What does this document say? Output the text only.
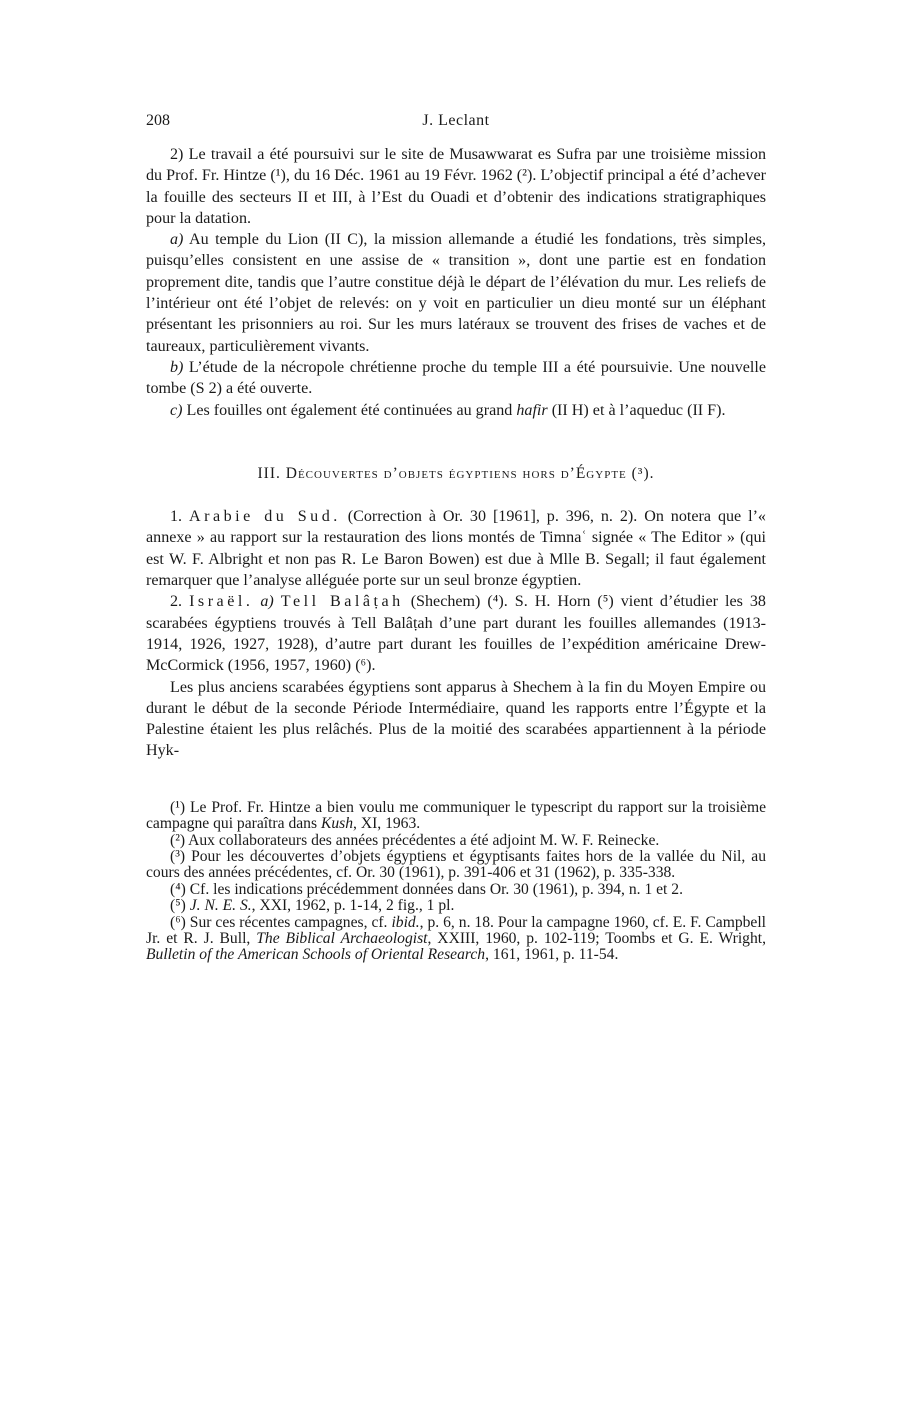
208	J. Leclant

2) Le travail a été poursuivi sur le site de Musawwarat es Sufra par une troisième mission du Prof. Fr. Hintze (¹), du 16 Déc. 1961 au 19 Févr. 1962 (²). L’objectif principal a été d’achever la fouille des secteurs II et III, à l’Est du Ouadi et d’obtenir des indications stratigraphiques pour la datation.

a) Au temple du Lion (II C), la mission allemande a étudié les fondations, très simples, puisqu’elles consistent en une assise de « transition », dont une partie est en fondation proprement dite, tandis que l’autre constitue déjà le départ de l’élévation du mur. Les reliefs de l’intérieur ont été l’objet de relevés: on y voit en particulier un dieu monté sur un éléphant présentant les prisonniers au roi. Sur les murs latéraux se trouvent des frises de vaches et de taureaux, particulièrement vivants.

b) L’étude de la nécropole chrétienne proche du temple III a été poursuivie. Une nouvelle tombe (S 2) a été ouverte.

c) Les fouilles ont également été continuées au grand hafir (II H) et à l’aqueduc (II F).

III. Découvertes d’objets égyptiens hors d’Égypte (³).

1. Arabie du Sud. (Correction à Or. 30 [1961], p. 396, n. 2). On notera que l’« annexe » au rapport sur la restauration des lions montés de Timnaʿ signée « The Editor » (qui est W. F. Albright et non pas R. Le Baron Bowen) est due à Mlle B. Segall; il faut également remarquer que l’analyse alléguée porte sur un seul bronze égyptien.

2. Israël. a) Tell Balâṭah (Shechem) (⁴). S. H. Horn (⁵) vient d’étudier les 38 scarabées égyptiens trouvés à Tell Balâṭah d’une part durant les fouilles allemandes (1913-1914, 1926, 1927, 1928), d’autre part durant les fouilles de l’expédition américaine Drew-McCormick (1956, 1957, 1960) (⁶).

Les plus anciens scarabées égyptiens sont apparus à Shechem à la fin du Moyen Empire ou durant le début de la seconde Période Intermédiaire, quand les rapports entre l’Égypte et la Palestine étaient les plus relâchés. Plus de la moitié des scarabées appartiennent à la période Hyk-

(¹) Le Prof. Fr. Hintze a bien voulu me communiquer le typescript du rapport sur la troisième campagne qui paraîtra dans Kush, XI, 1963.

(²) Aux collaborateurs des années précédentes a été adjoint M. W. F. Reinecke.

(³) Pour les découvertes d’objets égyptiens et égyptisants faites hors de la vallée du Nil, au cours des années précédentes, cf. Or. 30 (1961), p. 391-406 et 31 (1962), p. 335-338.

(⁴) Cf. les indications précédemment données dans Or. 30 (1961), p. 394, n. 1 et 2.

(⁵) J. N. E. S., XXI, 1962, p. 1-14, 2 fig., 1 pl.

(⁶) Sur ces récentes campagnes, cf. ibid., p. 6, n. 18. Pour la campagne 1960, cf. E. F. Campbell Jr. et R. J. Bull, The Biblical Archaeologist, XXIII, 1960, p. 102-119; Toombs et G. E. Wright, Bulletin of the American Schools of Oriental Research, 161, 1961, p. 11-54.
